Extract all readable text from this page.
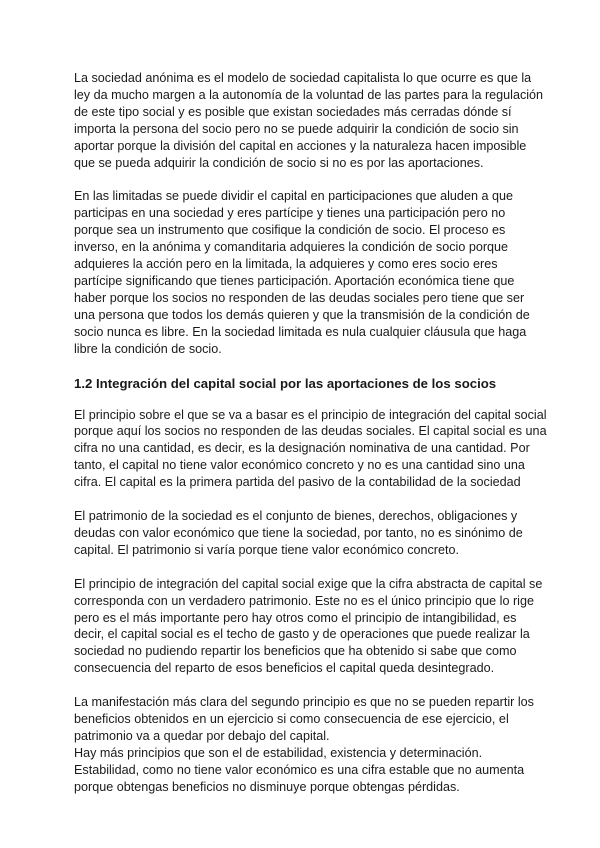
La sociedad anónima es el modelo de sociedad capitalista lo que ocurre es que la
ley da mucho margen a la autonomía de la voluntad de las partes para la regulación
de este tipo social y es posible que existan sociedades más cerradas dónde sí
importa la persona del socio pero no se puede adquirir la condición de socio sin
aportar porque la división del capital en acciones y la naturaleza hacen imposible
que se pueda adquirir la condición de socio si no es por las aportaciones.

En las limitadas se puede dividir el capital en participaciones que aluden a que
participas en una sociedad y eres partícipe y tienes una participación pero no
porque sea un instrumento que cosifique la condición de socio. El proceso es
inverso, en la anónima y comanditaria adquieres la condición de socio porque
adquieres la acción pero en la limitada, la adquieres y como eres socio eres
partícipe significando que tienes participación. Aportación económica tiene que
haber porque los socios no responden de las deudas sociales pero tiene que ser
una persona que todos los demás quieren y que la transmisión de la condición de
socio nunca es libre. En la sociedad limitada es nula cualquier cláusula que haga
libre la condición de socio.

1.2 Integración del capital social por las aportaciones de los socios

El principio sobre el que se va a basar es el principio de integración del capital social
porque aquí los socios no responden de las deudas sociales. El capital social es una
cifra no una cantidad, es decir, es la designación nominativa de una cantidad. Por
tanto, el capital no tiene valor económico concreto y no es una cantidad sino una
cifra. El capital es la primera partida del pasivo de la contabilidad de la sociedad

El patrimonio de la sociedad es el conjunto de bienes, derechos, obligaciones y
deudas con valor económico que tiene la sociedad, por tanto, no es sinónimo de
capital. El patrimonio si varía porque tiene valor económico concreto.

El principio de integración del capital social exige que la cifra abstracta de capital se
corresponda con un verdadero patrimonio. Este no es el único principio que lo rige
pero es el más importante pero hay otros como el principio de intangibilidad, es
decir, el capital social es el techo de gasto y de operaciones que puede realizar la
sociedad no pudiendo repartir los beneficios que ha obtenido si sabe que como
consecuencia del reparto de esos beneficios el capital queda desintegrado.

La manifestación más clara del segundo principio es que no se pueden repartir los
beneficios obtenidos en un ejercicio si como consecuencia de ese ejercicio, el
patrimonio va a quedar por debajo del capital.

Hay más principios que son el de estabilidad, existencia y determinación.
Estabilidad, como no tiene valor económico es una cifra estable que no aumenta
porque obtengas beneficios no disminuye porque obtengas pérdidas.
